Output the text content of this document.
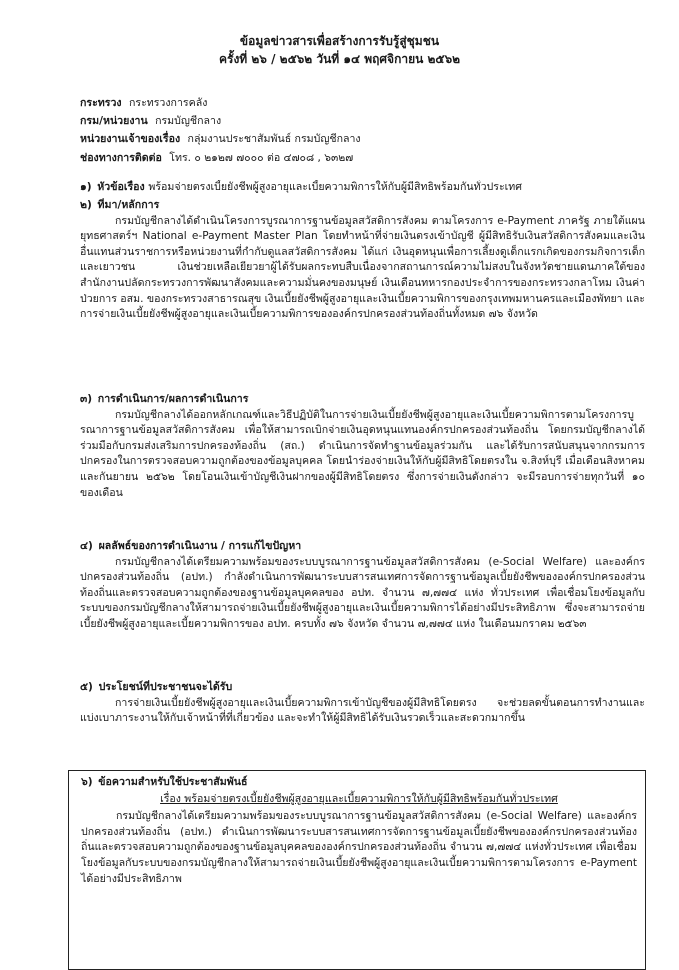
ข้อมูลข่าวสารเพื่อสร้างการรับรู้สู่ชุมชน
ครั้งที่ ๒๖ / ๒๕๖๒ วันที่ ๑๔ พฤศจิกายน ๒๕๖๒
กระทรวง กระทรวงการคลัง
กรม/หน่วยงาน กรมบัญชีกลาง
หน่วยงานเจ้าของเรื่อง กลุ่มงานประชาสัมพันธ์ กรมบัญชีกลาง
ช่องทางการติดต่อ โทร. ๐ ๒๑๒๗ ๗๐๐๐ ต่อ ๔๗๐๘ , ๖๓๒๗
๑) หัวข้อเรื่อง พร้อมจ่ายตรงเบี้ยยังชีพผู้สูงอายุและเบี้ยความพิการให้กับผู้มีสิทธิพร้อมกันทั่วประเทศ
๒) ที่มา/หลักการ

กรมบัญชีกลางได้ดำเนินโครงการบูรณาการฐานข้อมูลสวัสดิการสังคม ตามโครงการ e-Payment ภาครัฐ ภายใต้แผนยุทธศาสตร์ฯ National e-Payment Master Plan โดยทำหน้าที่จ่ายเงินตรงเข้าบัญชี ผู้มีสิทธิรับเงินสวัสดิการสังคมและเงินอื่นแทนส่วนราชการหรือหน่วยงานที่กำกับดูแลสวัสดิการสังคม ได้แก่ เงินอุดหนุนเพื่อการเลี้ยงดูเด็กแรกเกิดของกรมกิจการเด็กและเยาวชน เงินช่วยเหลือเยียวยาผู้ได้รับผลกระทบสืบเนื่องจากสถานการณ์ความไม่สงบในจังหวัดชายแดนภาคใต้ของสำนักงานปลัดกระทรวงการพัฒนาสังคมและความมั่นคงของมนุษย์ เงินเดือนทหารกองประจำการของกระทรวงกลาโหม เงินค่าป่วยการ อสม. ของกระทรวงสาธารณสุข เงินเบี้ยยังชีพผู้สูงอายุและเงินเบี้ยความพิการของกรุงเทพมหานครและเมืองพัทยา และการจ่ายเงินเบี้ยยังชีพผู้สูงอายุและเงินเบี้ยความพิการขององค์กรปกครองส่วนท้องถิ่นทั้งหมด ๗๖ จังหวัด

๓) การดำเนินการ/ผลการดำเนินการ

กรมบัญชีกลางได้ออกหลักเกณฑ์และวิธีปฏิบัติในการจ่ายเงินเบี้ยยังชีพผู้สูงอายุและเงินเบี้ยความพิการตามโครงการบูรณาการฐานข้อมูลสวัสดิการสังคม เพื่อให้สามารถเบิกจ่ายเงินอุดหนุนแทนองค์กรปกครองส่วนท้องถิ่น โดยกรมบัญชีกลางได้ร่วมมือกับกรมส่งเสริมการปกครองท้องถิ่น (สถ.) ดำเนินการจัดทำฐานข้อมูลร่วมกัน และได้รับการสนับสนุนจากกรมการปกครองในการตรวจสอบความถูกต้องของข้อมูลบุคคล โดยนำร่องจ่ายเงินให้กับผู้มีสิทธิโดยตรงใน จ.สิงห์บุรี เมื่อเดือนสิงหาคมและกันยายน ๒๕๖๒ โดยโอนเงินเข้าบัญชีเงินฝากของผู้มีสิทธิโดยตรง ซึ่งการจ่ายเงินดังกล่าว จะมีรอบการจ่ายทุกวันที่ ๑๐ ของเดือน

๔) ผลลัพธ์ของการดำเนินงาน / การแก้ไขปัญหา

กรมบัญชีกลางได้เตรียมความพร้อมของระบบบูรณาการฐานข้อมูลสวัสดิการสังคม (e-Social Welfare) และองค์กรปกครองส่วนท้องถิ่น (อปท.) กำลังดำเนินการพัฒนาระบบสารสนเทศการจัดการฐานข้อมูลเบี้ยยังชีพขององค์กรปกครองส่วนท้องถิ่นและตรวจสอบความถูกต้องของฐานข้อมูลบุคคลของ อปท. จำนวน ๗,๗๗๔ แห่ง ทั่วประเทศ เพื่อเชื่อมโยงข้อมูลกับระบบของกรมบัญชีกลางให้สามารถจ่ายเงินเบี้ยยังชีพผู้สูงอายุและเงินเบี้ยความพิการได้อย่างมีประสิทธิภาพ ซึ่งจะสามารถจ่ายเบี้ยยังชีพผู้สูงอายุและเบี้ยความพิการของ อปท. ครบทั้ง ๗๖ จังหวัด จำนวน ๗,๗๗๔ แห่ง ในเดือนมกราคม ๒๕๖๓

๕) ประโยชน์ที่ประชาชนจะได้รับ

การจ่ายเงินเบี้ยยังชีพผู้สูงอายุและเงินเบี้ยความพิการเข้าบัญชีของผู้มีสิทธิโดยตรง จะช่วยลดขั้นตอนการทำงานและแบ่งเบาภาระงานให้กับเจ้าหน้าที่ที่เกี่ยวข้อง และจะทำให้ผู้มีสิทธิได้รับเงินรวดเร็วและสะดวกมากขึ้น

๖) ข้อความสำหรับใช้ประชาสัมพันธ์
เรื่อง พร้อมจ่ายตรงเบี้ยยังชีพผู้สูงอายุและเบี้ยความพิการให้กับผู้มีสิทธิพร้อมกันทั่วประเทศ

กรมบัญชีกลางได้เตรียมความพร้อมของระบบบูรณาการฐานข้อมูลสวัสดิการสังคม (e-Social Welfare) และองค์กรปกครองส่วนท้องถิ่น (อปท.) ดำเนินการพัฒนาระบบสารสนเทศการจัดการฐานข้อมูลเบี้ยยังชีพขององค์กรปกครองส่วนท้องถิ่นและตรวจสอบความถูกต้องของฐานข้อมูลบุคคลขององค์กรปกครองส่วนท้องถิ่น จำนวน ๗,๗๗๔ แห่งทั่วประเทศ เพื่อเชื่อมโยงข้อมูลกับระบบของกรมบัญชีกลางให้สามารถจ่ายเงินเบี้ยยังชีพผู้สูงอายุและเงินเบี้ยความพิการตามโครงการ e-Payment ได้อย่างมีประสิทธิภาพ
